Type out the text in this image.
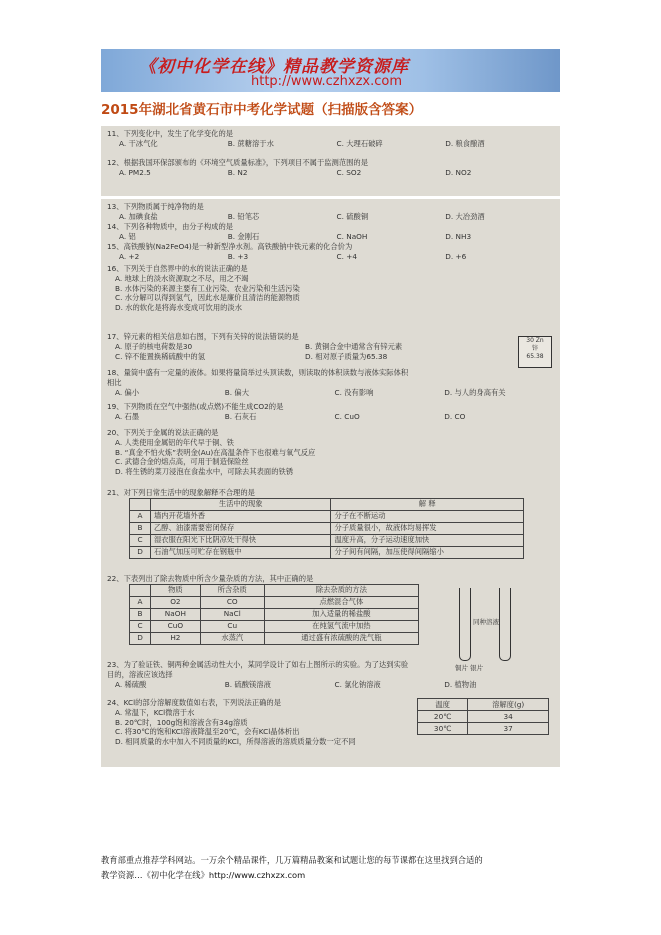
《初中化学在线》精品教学资源库
http://www.czhxzx.com
2015年湖北省黄石市中考化学试题（扫描版含答案）
11、下列变化中，发生了化学变化的是
A. 干冰气化	B. 蔗糖溶于水	C. 大理石破碎	D. 粮食酿酒
12、根据我国环保部颁布的《环境空气质量标准》，下列项目不属于监测范围的是
A. PM2.5	B. N2	C. SO2	D. NO2
13、下列物质属于纯净物的是
A. 加碘食盐	B. 铅笔芯	C. 硫酸铜	D. 大冶劲酒
14、下列各种物质中，由分子构成的是
A. 铝	B. 金刚石	C. NaOH	D. NH3
15、高铁酸钠(Na2FeO4)是一种新型净水剂。高铁酸钠中铁元素的化合价为
A. +2	B. +3	C. +4	D. +6
16、下列关于自然界中的水的说法正确的是
A. 地球上的淡水资源取之不尽，用之不竭
B. 水体污染的来源主要有工业污染、农业污染和生活污染
C. 水分解可以得到氢气，因此水是廉价且清洁的能源物质
D. 水的软化是将海水变成可饮用的淡水
17、锌元素的相关信息如右图，下列有关锌的说法错误的是
A. 原子的核电荷数是30	B. 黄铜合金中通常含有锌元素
C. 锌不能置换稀硫酸中的氢	D. 相对原子质量为65.38
30 Zn
锌
65.38
18、量筒中盛有一定量的液体。如果将量筒举过头顶读数，则读取的体积读数与液体实际体积
相比
A. 偏小	B. 偏大	C. 没有影响	D. 与人的身高有关
19、下列物质在空气中强热(或点燃)不能生成CO2的是
A. 石墨	B. 石灰石	C. CuO	D. CO
20、下列关于金属的说法正确的是
A. 人类使用金属铝的年代早于铜、铁
B. “真金不怕火炼”表明金(Au)在高温条件下也很难与氧气反应
C. 武德合金的熔点高，可用于制造保险丝
D. 将生锈的菜刀浸泡在食盐水中，可除去其表面的铁锈
21、对下列日常生活中的现象解释不合理的是
	生活中的现象	解 释
A	墙内开花墙外香	分子在不断运动
B	乙醇、油漆需要密闭保存	分子质量很小，故液体均易挥发
C	湿衣服在阳光下比阴凉处干得快	温度升高，分子运动速度加快
D	石油气加压可贮存在钢瓶中	分子间有间隔，加压使得间隔缩小
22、下表列出了除去物质中所含少量杂质的方法，其中正确的是
	物质	所含杂质	除去杂质的方法
A	O2	CO	点燃混合气体
B	NaOH	NaCl	加入适量的稀盐酸
C	CuO	Cu	在纯氢气流中加热
D	H2	水蒸汽	通过盛有浓硫酸的洗气瓶
同种溶液
铜片 银片
23、为了验证铁、铜两种金属活动性大小，某同学设计了如右上图所示的实验。为了达到实验
目的，溶液应该选择
A. 稀硫酸	B. 硫酸镁溶液	C. 氯化钠溶液	D. 植物油
24、KCl的部分溶解度数值如右表，下列说法正确的是
A. 常温下，KCl微溶于水
B. 20℃时，100g饱和溶液含有34g溶质
C. 将30℃的饱和KCl溶液降温至20℃，会有KCl晶体析出
D. 相同质量的水中加入不同质量的KCl，所得溶液的溶质质量分数一定不同
温度	溶解度(g)
20℃	34
30℃	37
教育部重点推荐学科网站。一万余个精品课件，几万篇精品教案和试题让您的每节课都在这里找到合适的
教学资源…《初中化学在线》http://www.czhxzx.com
